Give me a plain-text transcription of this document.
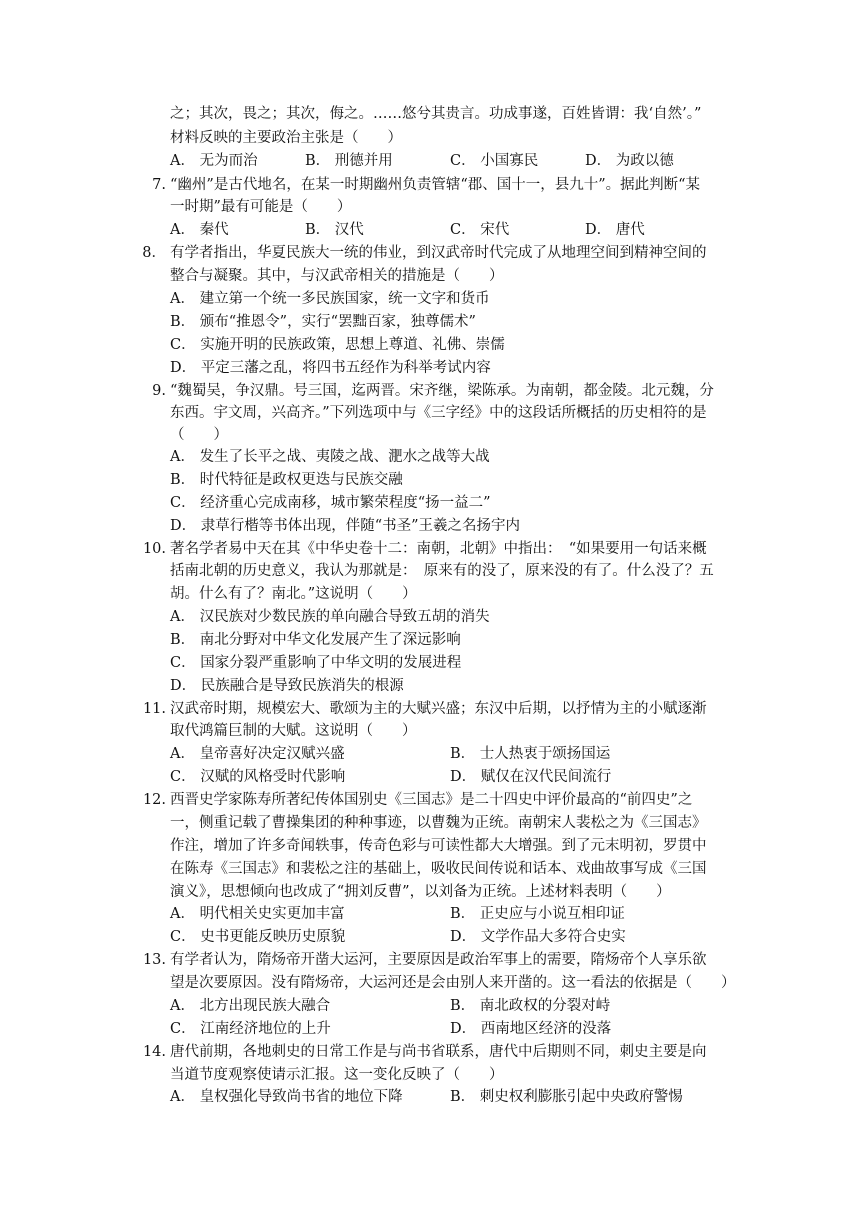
之；其次，畏之；其次，侮之。……悠兮其贵言。功成事遂，百姓皆谓：我‘自然’。”
材料反映的主要政治主张是（　　）
A． 无为而治	B． 刑德并用	C． 小国寡民	D． 为政以德
7. “幽州”是古代地名，在某一时期幽州负责管辖“郡、国十一，县九十”。据此判断“某
一时期”最有可能是（　　）
A． 秦代	B． 汉代	C． 宋代	D． 唐代
8． 有学者指出，华夏民族大一统的伟业，到汉武帝时代完成了从地理空间到精神空间的
整合与凝聚。其中，与汉武帝相关的措施是（　　）
A． 建立第一个统一多民族国家，统一文字和货币
B． 颁布“推恩令”，实行“罢黜百家，独尊儒术”
C． 实施开明的民族政策，思想上尊道、礼佛、崇儒
D． 平定三藩之乱，将四书五经作为科举考试内容
9. “魏蜀吴，争汉鼎。号三国，迄两晋。宋齐继，梁陈承。为南朝，都金陵。北元魏，分
东西。宇文周，兴高齐。”下列选项中与《三字经》中的这段话所概括的历史相符的是
（　　）
A． 发生了长平之战、夷陵之战、淝水之战等大战
B． 时代特征是政权更迭与民族交融
C． 经济重心完成南移，城市繁荣程度“扬一益二”
D． 隶草行楷等书体出现，伴随“书圣”王羲之名扬宇内
10. 著名学者易中天在其《中华史卷十二：南朝，北朝》中指出：　“如果要用一句话来概
括南北朝的历史意义，我认为那就是：　原来有的没了，原来没的有了。什么没了？五
胡。什么有了？南北。”这说明（　　）
A． 汉民族对少数民族的单向融合导致五胡的消失
B． 南北分野对中华文化发展产生了深远影响
C． 国家分裂严重影响了中华文明的发展进程
D． 民族融合是导致民族消失的根源
11. 汉武帝时期，规模宏大、歌颂为主的大赋兴盛；东汉中后期，以抒情为主的小赋逐渐
取代鸿篇巨制的大赋。这说明（　　）
A． 皇帝喜好决定汉赋兴盛	B． 士人热衷于颂扬国运
C． 汉赋的风格受时代影响	D． 赋仅在汉代民间流行
12. 西晋史学家陈寿所著纪传体国别史《三国志》是二十四史中评价最高的“前四史”之
一，侧重记载了曹操集团的种种事迹，以曹魏为正统。南朝宋人裴松之为《三国志》
作注，增加了许多奇闻轶事，传奇色彩与可读性都大大增强。到了元末明初，罗贯中
在陈寿《三国志》和裴松之注的基础上，吸收民间传说和话本、戏曲故事写成《三国
演义》，思想倾向也改成了“拥刘反曹”，以刘备为正统。上述材料表明（　　）
A． 明代相关史实更加丰富	B． 正史应与小说互相印证
C． 史书更能反映历史原貌	D． 文学作品大多符合史实
13. 有学者认为，隋炀帝开凿大运河，主要原因是政治军事上的需要，隋炀帝个人享乐欲
望是次要原因。没有隋炀帝，大运河还是会由别人来开凿的。这一看法的依据是（　　）
A． 北方出现民族大融合	B． 南北政权的分裂对峙
C． 江南经济地位的上升	D． 西南地区经济的没落
14. 唐代前期，各地刺史的日常工作是与尚书省联系，唐代中后期则不同，刺史主要是向
当道节度观察使请示汇报。这一变化反映了（　　）
A． 皇权强化导致尚书省的地位下降	B． 刺史权利膨胀引起中央政府警惕
